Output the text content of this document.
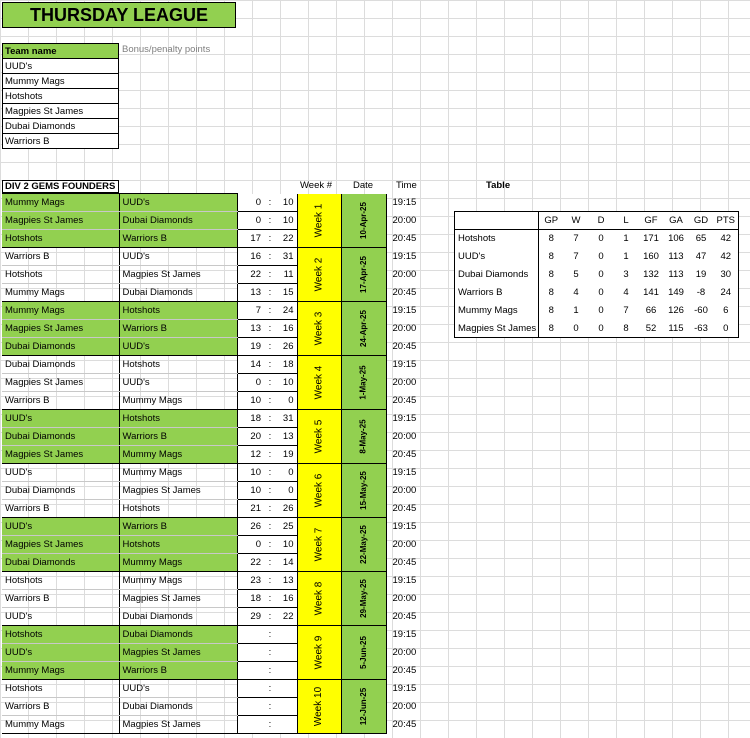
THURSDAY LEAGUE
Team name
UUD's
Mummy Mags
Hotshots
Magpies St James
Dubai Diamonds
Warriors B
Bonus/penalty points
DIV 2 GEMS FOUNDERS	Week # Date Time
Mummy Mags	UUD's	0	:	10	Week 1	10-Apr-25	19:15
Magpies St James	Dubai Diamonds	0	:	10			20:00
Hotshots	Warriors B	17	:	22			20:45
Warriors B	UUD's	16	:	31	Week 2	17-Apr-25	19:15
Hotshots	Magpies St James	22	:	11			20:00
Mummy Mags	Dubai Diamonds	13	:	15			20:45
Mummy Mags	Hotshots	7	:	24	Week 3	24-Apr-25	19:15
Magpies St James	Warriors B	13	:	16			20:00
Dubai Diamonds	UUD's	19	:	26			20:45
Dubai Diamonds	Hotshots	14	:	18	Week 4	1-May-25	19:15
Magpies St James	UUD's	0	:	10			20:00
Warriors B	Mummy Mags	10	:	0			20:45
UUD's	Hotshots	18	:	31	Week 5	8-May-25	19:15
Dubai Diamonds	Warriors B	20	:	13			20:00
Magpies St James	Mummy Mags	12	:	19			20:45
UUD's	Mummy Mags	10	:	0	Week 6	15-May-25	19:15
Dubai Diamonds	Magpies St James	10	:	0			20:00
Warriors B	Hotshots	21	:	26			20:45
UUD's	Warriors B	26	:	25	Week 7	22-May-25	19:15
Magpies St James	Hotshots	0	:	10			20:00
Dubai Diamonds	Mummy Mags	22	:	14			20:45
Hotshots	Mummy Mags	23	:	13	Week 8	29-May-25	19:15
Warriors B	Magpies St James	18	:	16			20:00
UUD's	Dubai Diamonds	29	:	22			20:45
Hotshots	Dubai Diamonds		:		Week 9	5-Jun-25	19:15
UUD's	Magpies St James		:				20:00
Mummy Mags	Warriors B		:				20:45
Hotshots	UUD's		:		Week 10	12-Jun-25	19:15
Warriors B	Dubai Diamonds		:				20:00
Mummy Mags	Magpies St James		:				20:45
Table
	GP	W	D	L	GF	GA	GD	PTS
Hotshots	8	7	0	1	171	106	65	42
UUD's	8	7	0	1	160	113	47	42
Dubai Diamonds	8	5	0	3	132	113	19	30
Warriors B	8	4	0	4	141	149	-8	24
Mummy Mags	8	1	0	7	66	126	-60	6
Magpies St James	8	0	0	8	52	115	-63	0
